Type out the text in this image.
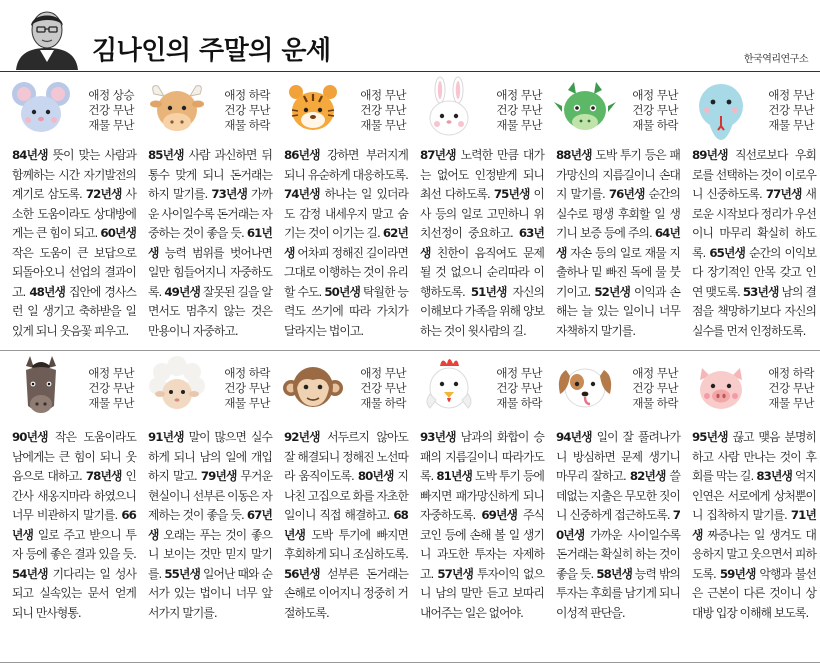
김나인의 주말의 운세	한국역리연구소
애정 상승
건강 무난
재물 무난
84년생 뜻이 맞는 사람과 함께하는 시간 자기발전의 계기로 삼도록. 72년생 사소한 도움이라도 상대방에게는 큰 힘이 되고. 60년생 작은 도움이 큰 보답으로 되돌아오니 선업의 결과이고. 48년생 집안에 경사스런 일 생기고 축하받을 일 있게 되니 웃음꽃 피우고.
애정 하락
건강 무난
재물 하락
85년생 사람 과신하면 뒤통수 맞게 되니 돈거래는 하지 말기를. 73년생 가까운 사이일수록 돈거래는 자중하는 것이 좋을 듯. 61년생 능력 범위를 벗어나면 일만 힘들어지니 자중하도록. 49년생 잘못된 길을 알면서도 멈추지 않는 것은 만용이니 자중하고.
애정 무난
건강 무난
재물 무난
86년생 강하면 부러지게 되니 유순하게 대응하도록. 74년생 하나는 일 있더라도 감정 내세우지 말고 숨기는 것이 이기는 길. 62년생 어차피 정해진 길이라면 그대로 이행하는 것이 유리할 수도. 50년생 탁월한 능력도 쓰기에 따라 가치가 달라지는 법이고.
애정 무난
건강 무난
재물 무난
87년생 노력한 만큼 대가는 없어도 인정받게 되니 최선 다하도록. 75년생 이사 등의 일로 고민하니 위치선정이 중요하고. 63년생 친한이 음직여도 문제 될 것 없으니 순리따라 이행하도록. 51년생 자신의 이해보다 가족을 위해 양보하는 것이 윗사람의 길.
애정 무난
건강 무난
재물 하락
88년생 도박 투기 등은 패가망신의 지름길이니 손대지 말기를. 76년생 순간의 실수로 평생 후회할 일 생기니 보증 등에 주의. 64년생 자손 등의 일로 재물 지출하나 밑 빠진 독에 물 붓기이고. 52년생 이익과 손해는 늘 있는 일이니 너무 자책하지 말기를.
애정 무난
건강 무난
재물 무난
89년생 직선로보다 우회로를 선택하는 것이 이로우니 신중하도록. 77년생 새로운 시작보다 정리가 우선이니 마무리 확실히 하도록. 65년생 순간의 이익보다 장기적인 안목 갖고 인연 맺도록. 53년생 남의 결점을 책망하기보다 자신의 실수를 먼저 인정하도록.
애정 무난
건강 무난
재물 무난
90년생 작은 도움이라도 남에게는 큰 힘이 되니 웃음으로 대하고. 78년생 인간사 새옹지마라 하였으니 너무 비관하지 말기를. 66년생 일로 주고 받으니 투자 등에 좋은 결과 있을 듯. 54년생 기다리는 일 성사되고 실속있는 문서 얻게 되니 만사형통.
애정 하락
건강 무난
재물 무난
91년생 말이 많으면 실수하게 되니 남의 일에 개입하지 말고. 79년생 무거운 현실이니 선부른 이동은 자제하는 것이 좋을 듯. 67년생 오래는 푸는 것이 좋으니 보이는 것만 믿지 말기를. 55년생 일어난 때와 순서가 있는 법이니 너무 앞서가지 말기를.
애정 무난
건강 무난
재물 하락
92년생 서두르지 않아도 잘 해결되니 정해진 노선따라 움직이도록. 80년생 지나친 고집으로 화를 자초한 일이니 직접 해결하고. 68년생 도박 투기에 빠지면 후회하게 되니 조심하도록. 56년생 섣부른 돈거래는 손해로 이어지니 정중히 거절하도록.
애정 무난
건강 무난
재물 하락
93년생 남과의 화합이 승패의 지름길이니 따라가도록. 81년생 도박 투기 등에 빠지면 패가망신하게 되니 자중하도록. 69년생 주식 코인 등에 손해 볼 일 생기니 과도한 투자는 자제하고. 57년생 투자이익 없으니 남의 말만 듣고 보따리 내어주는 일은 없어야.
애정 무난
건강 무난
재물 하락
94년생 일이 잘 풀려나가니 방심하면 문제 생기니 마무리 잘하고. 82년생 쓸데없는 지출은 무모한 짓이니 신중하게 접근하도록. 70년생 가까운 사이일수록 돈거래는 확실히 하는 것이 좋을 듯. 58년생 능력 밖의 투자는 후회를 남기게 되니 이성적 판단을.
애정 하락
건강 무난
재물 무난
95년생 끊고 맺음 분명히 하고 사람 만나는 것이 후회를 막는 길. 83년생 억지 인연은 서로에게 상처뿐이니 집착하지 말기를. 71년생 짜증나는 일 생겨도 대응하지 말고 웃으면서 피하도록. 59년생 악행과 불선은 근본이 다른 것이니 상대방 입장 이해해 보도록.
